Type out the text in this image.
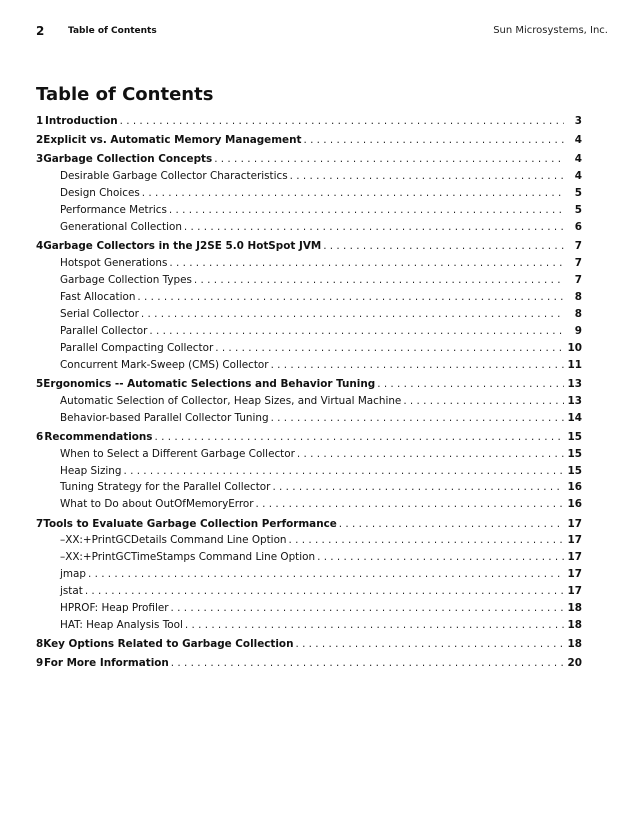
2	Table of Contents	Sun Microsystems, Inc.
Table of Contents
1 Introduction . . .	3
2 Explicit vs. Automatic Memory Management . . .	4
3 Garbage Collection Concepts . . .	4
Desirable Garbage Collector Characteristics . . .	4
Design Choices . . .	5
Performance Metrics . . .	5
Generational Collection . . .	6
4 Garbage Collectors in the J2SE 5.0 HotSpot JVM . . .	7
Hotspot Generations . . .	7
Garbage Collection Types . . .	7
Fast Allocation . . .	8
Serial Collector . . .	8
Parallel Collector . . .	9
Parallel Compacting Collector . . .	10
Concurrent Mark-Sweep (CMS) Collector . . .	11
5 Ergonomics -- Automatic Selections and Behavior Tuning . . .	13
Automatic Selection of Collector, Heap Sizes, and Virtual Machine . . .	13
Behavior-based Parallel Collector Tuning . . .	14
6 Recommendations . . .	15
When to Select a Different Garbage Collector . . .	15
Heap Sizing . . .	15
Tuning Strategy for the Parallel Collector . . .	16
What to Do about OutOfMemoryError . . .	16
7 Tools to Evaluate Garbage Collection Performance . . .	17
–XX:+PrintGCDetails Command Line Option . . .	17
–XX:+PrintGCTimeStamps Command Line Option . . .	17
jmap . . .	17
jstat . . .	17
HPROF: Heap Profiler . . .	18
HAT: Heap Analysis Tool . . .	18
8 Key Options Related to Garbage Collection . . .	18
9 For More Information . . .	20
